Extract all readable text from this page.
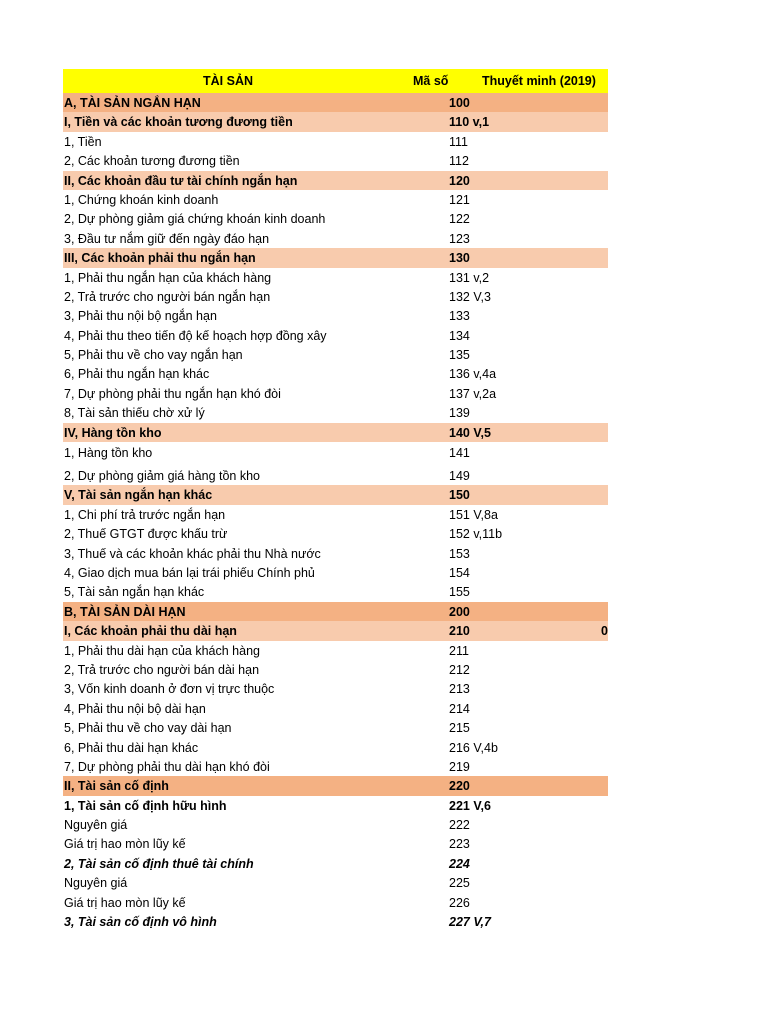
TÀI SẢN	Mã số	Thuyết minh (2019)
A, TÀI SẢN NGẮN HẠN	100
I, Tiền và các khoản tương đương tiền	110 v,1
1, Tiền	111
2, Các khoản tương đương tiền	112
II, Các khoản đầu tư tài chính ngắn hạn	120
1, Chứng khoán kinh doanh	121
2, Dự phòng giảm giá chứng khoán kinh doanh	122
3, Đầu tư nắm giữ đến ngày đáo hạn	123
III, Các khoản phải thu ngắn hạn	130
1, Phải thu ngắn hạn của khách hàng	131 v,2
2, Trả trước cho người bán ngắn hạn	132 V,3
3, Phải thu nội bộ ngắn hạn	133
4, Phải thu theo tiến độ kế hoạch hợp đồng xây	134
5, Phải thu về cho vay ngắn hạn	135
6, Phải thu ngắn hạn khác	136 v,4a
7, Dự phòng phải thu ngắn hạn khó đòi	137 v,2a
8, Tài sản thiếu chờ xử lý	139
IV, Hàng tồn kho	140 V,5
1, Hàng tồn kho	141
2, Dự phòng giảm giá hàng tồn kho	149
V, Tài sản ngắn hạn khác	150
1, Chi phí trả trước ngắn hạn	151 V,8a
2, Thuế GTGT được khấu trừ	152 v,11b
3, Thuế và các khoản khác phải thu Nhà nước	153
4, Giao dịch mua bán lại trái phiếu Chính phủ	154
5, Tài sản ngắn hạn khác	155
B, TÀI SẢN DÀI HẠN	200
I, Các khoản phải thu dài hạn	210	0
1, Phải thu dài hạn của khách hàng	211
2, Trả trước cho người bán dài hạn	212
3, Vốn kinh doanh ở đơn vị trực thuộc	213
4, Phải thu nội bộ dài hạn	214
5, Phải thu về cho vay dài hạn	215
6, Phải thu dài hạn khác	216 V,4b
7, Dự phòng phải thu dài hạn khó đòi	219
II, Tài sản cố định	220
1, Tài sản cố định hữu hình	221 V,6
Nguyên giá	222
Giá trị hao mòn lũy kế	223
2, Tài sản cố định thuê tài chính	224
Nguyên giá	225
Giá trị hao mòn lũy kế	226
3, Tài sản cố định vô hình	227 V,7
